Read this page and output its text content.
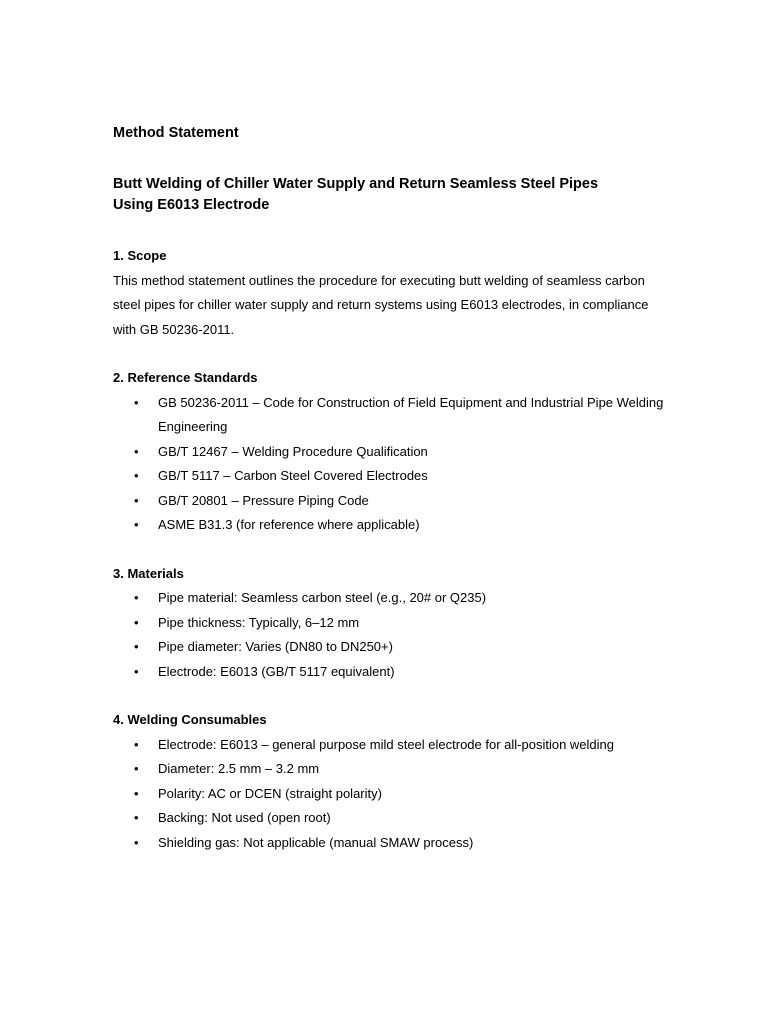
Method Statement
Butt Welding of Chiller Water Supply and Return Seamless Steel Pipes
Using E6013 Electrode
1. Scope

This method statement outlines the procedure for executing butt welding of seamless carbon steel pipes for chiller water supply and return systems using E6013 electrodes, in compliance with GB 50236-2011.

2. Reference Standards
• GB 50236-2011 – Code for Construction of Field Equipment and Industrial Pipe Welding Engineering
• GB/T 12467 – Welding Procedure Qualification
• GB/T 5117 – Carbon Steel Covered Electrodes
• GB/T 20801 – Pressure Piping Code
• ASME B31.3 (for reference where applicable)
3. Materials
• Pipe material: Seamless carbon steel (e.g., 20# or Q235)
• Pipe thickness: Typically, 6–12 mm
• Pipe diameter: Varies (DN80 to DN250+)
• Electrode: E6013 (GB/T 5117 equivalent)
4. Welding Consumables
• Electrode: E6013 – general purpose mild steel electrode for all-position welding
• Diameter: 2.5 mm – 3.2 mm
• Polarity: AC or DCEN (straight polarity)
• Backing: Not used (open root)
• Shielding gas: Not applicable (manual SMAW process)
